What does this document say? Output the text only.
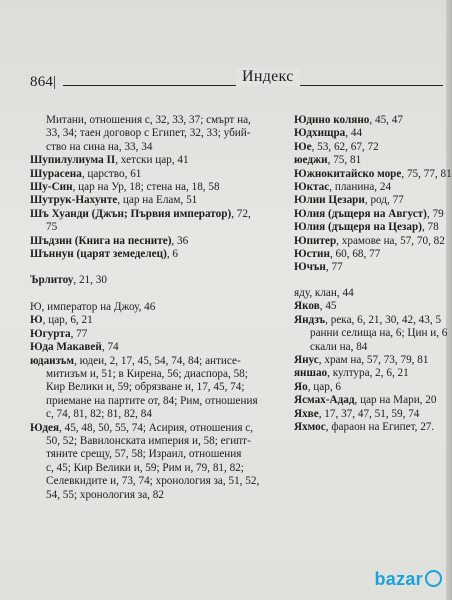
864|	Индекс
Митани, отношения с, 32, 33, 37; смърт на,
33, 34; таен договор с Египет, 32, 33; убий-
ство на сина на, 33, 34
Шупилулиума II, хетски цар, 41
Шурасена, царство, 61
Шу-Син, цар на Ур, 18; стена на, 18, 58
Шутрук-Нахунте, цар на Елам, 51
Шъ Хуанди (Джън; Първия император), 72,
75
Шъдзин (Книга на песните), 36
Шъннун (царят земеделец), 6
Ърлитоу, 21, 30
Ю, император на Джоу, 46
Ю, цар, 6, 21
Югурта, 77
Юда Макавей, 74
юдаизъм, юдеи, 2, 17, 45, 54, 74, 84; антисе-
митизъм и, 51; в Кирена, 56; диаспора, 58;
Кир Велики и, 59; обрязване и, 17, 45, 74;
приемане на партите от, 84; Рим, отношения
с, 74, 81, 82; 81, 82, 84
Юдея, 45, 48, 50, 55, 74; Асирия, отношения с,
50, 52; Вавилонската империя и, 58; египт-
тяните срещу, 57, 58; Израил, отношения
с, 45; Кир Велики и, 59; Рим и, 79, 81, 82;
Селевкидите и, 73, 74; хронология за, 51, 52,
54, 55; хронология за, 82
Юдино коляно, 45, 47
Юдхищра, 44
Юе, 53, 62, 67, 72
юеджи, 75, 81
Южнокитайско море, 75, 77, 81
Юктас, планина, 24
Юлии Цезари, род, 77
Юлия (дъщеря на Август), 79
Юлия (дъщеря на Цезар), 78
Юпитер, храмове на, 57, 70, 82
Юстин, 60, 68, 77
Ючън, 77
яду, клан, 44
Яков, 45
Яндзъ, река, 6, 21, 30, 42, 43, 5
ранни селища на, 6; Цин и, 6
скали на, 84
Янус, храм на, 57, 73, 79, 81
яншао, култура, 2, 6, 21
Яо, цар, 6
Ясмах-Адад, цар на Мари, 20
Яхве, 17, 37, 47, 51, 59, 74
Яхмос, фараон на Египет, 27.
bazar
